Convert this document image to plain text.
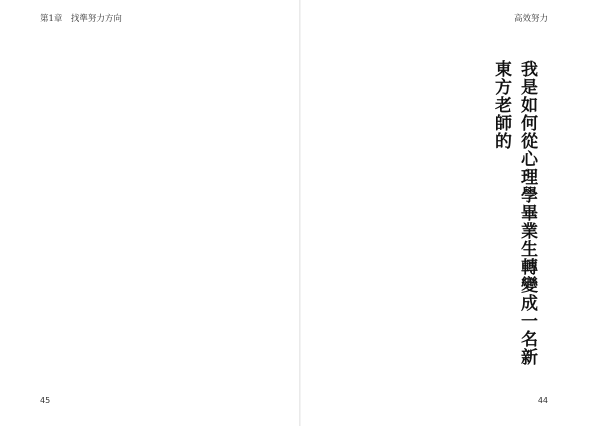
第1章　找準努力方向	高效努力
我是如何從心理學畢業生轉變成一名新東方老師的
45	44
